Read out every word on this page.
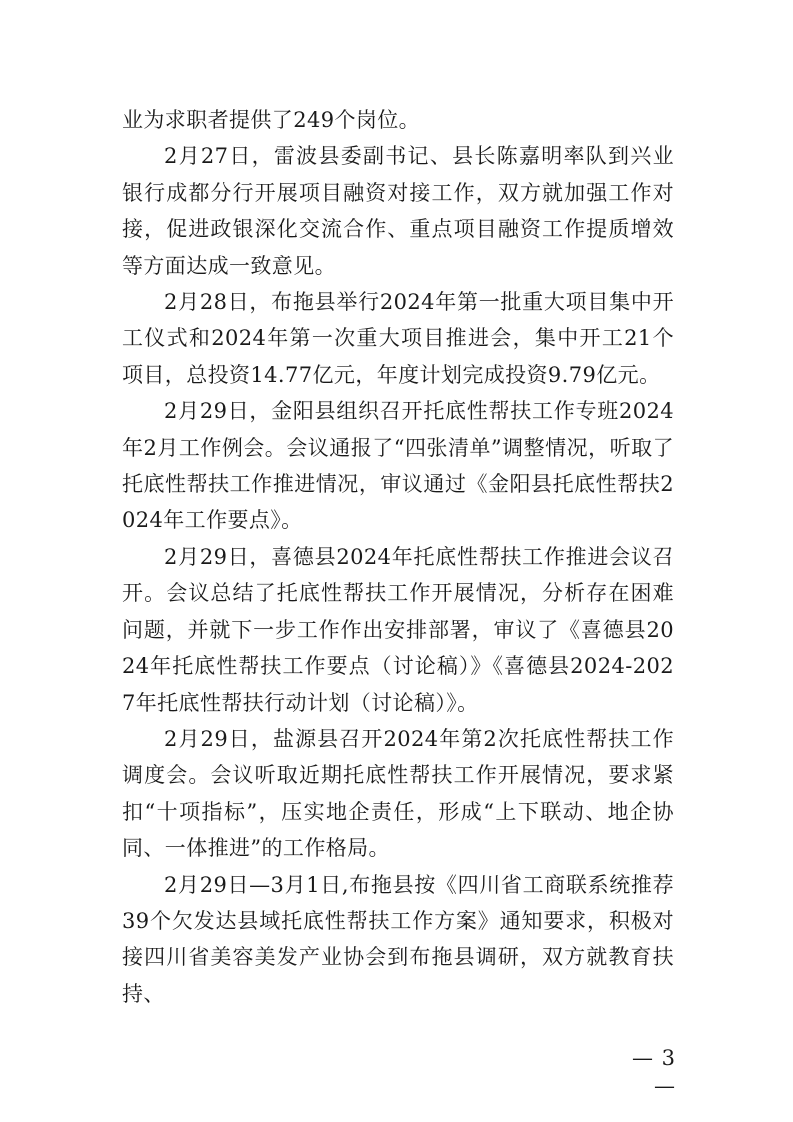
业为求职者提供了249个岗位。

2月27日，雷波县委副书记、县长陈嘉明率队到兴业银行成都分行开展项目融资对接工作，双方就加强工作对接，促进政银深化交流合作、重点项目融资工作提质增效等方面达成一致意见。

2月28日，布拖县举行2024年第一批重大项目集中开工仪式和2024年第一次重大项目推进会，集中开工21个项目，总投资14.77亿元，年度计划完成投资9.79亿元。

2月29日，金阳县组织召开托底性帮扶工作专班2024年2月工作例会。会议通报了“四张清单”调整情况，听取了托底性帮扶工作推进情况，审议通过《金阳县托底性帮扶2024年工作要点》。

2月29日，喜德县2024年托底性帮扶工作推进会议召开。会议总结了托底性帮扶工作开展情况，分析存在困难问题，并就下一步工作作出安排部署，审议了《喜德县2024年托底性帮扶工作要点（讨论稿）》《喜德县2024-2027年托底性帮扶行动计划（讨论稿）》。

2月29日，盐源县召开2024年第2次托底性帮扶工作调度会。会议听取近期托底性帮扶工作开展情况，要求紧扣“十项指标”，压实地企责任，形成“上下联动、地企协同、一体推进”的工作格局。

2月29日—3月1日,布拖县按《四川省工商联系统推荐39个欠发达县域托底性帮扶工作方案》通知要求，积极对接四川省美容美发产业协会到布拖县调研，双方就教育扶持、

— 3 —
